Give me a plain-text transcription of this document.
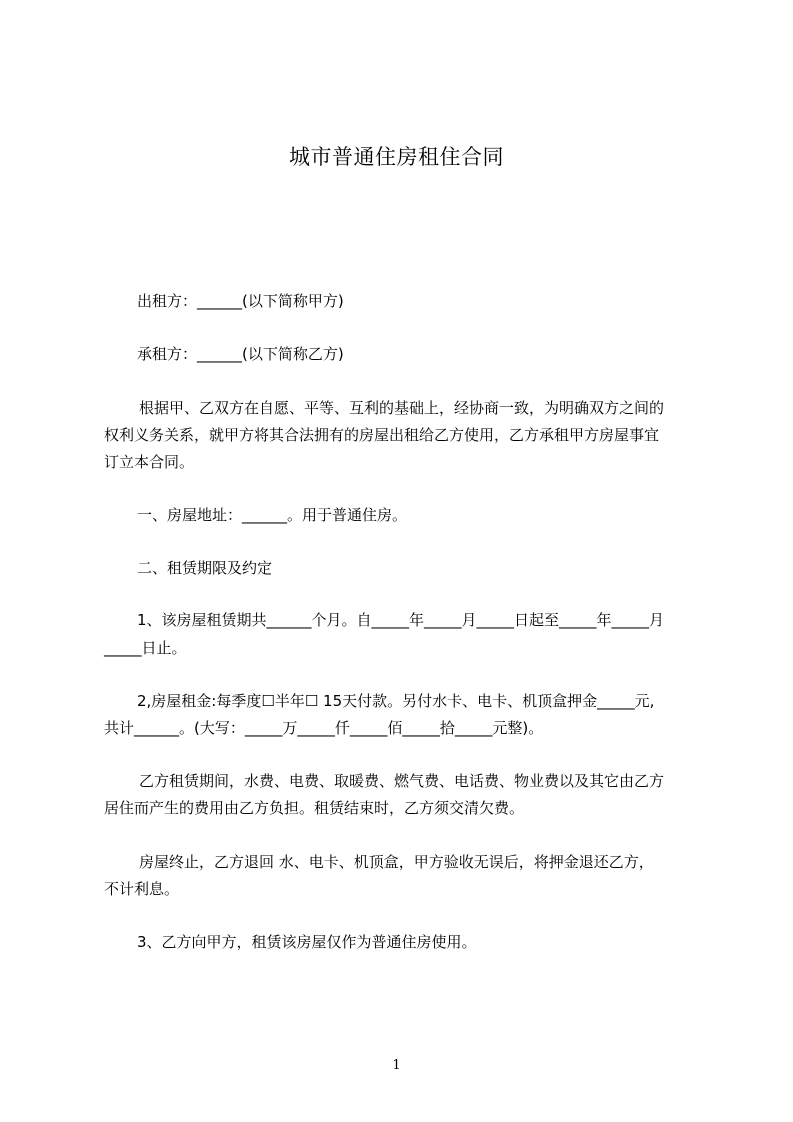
城市普通住房租住合同
出租方：______(以下简称甲方)
承租方：______(以下简称乙方)
根据甲、乙双方在自愿、平等、互利的基础上，经协商一致，为明确双方之间的
权利义务关系，就甲方将其合法拥有的房屋出租给乙方使用，乙方承租甲方房屋事宜
订立本合同。
一、房屋地址：______。用于普通住房。
二、租赁期限及约定
1、该房屋租赁期共______个月。自_____年_____月_____日起至_____年_____月
_____日止。
2,房屋租金:每季度☐半年☐ 15天付款。另付水卡、电卡、机顶盒押金_____元,
共计______。(大写：_____万_____仟_____佰_____拾_____元整)。
乙方租赁期间，水费、电费、取暖费、燃气费、电话费、物业费以及其它由乙方
居住而产生的费用由乙方负担。租赁结束时，乙方须交清欠费。
房屋终止，乙方退回 水、电卡、机顶盒，甲方验收无误后，将押金退还乙方，
不计利息。
3、乙方向甲方，租赁该房屋仅作为普通住房使用。
1
